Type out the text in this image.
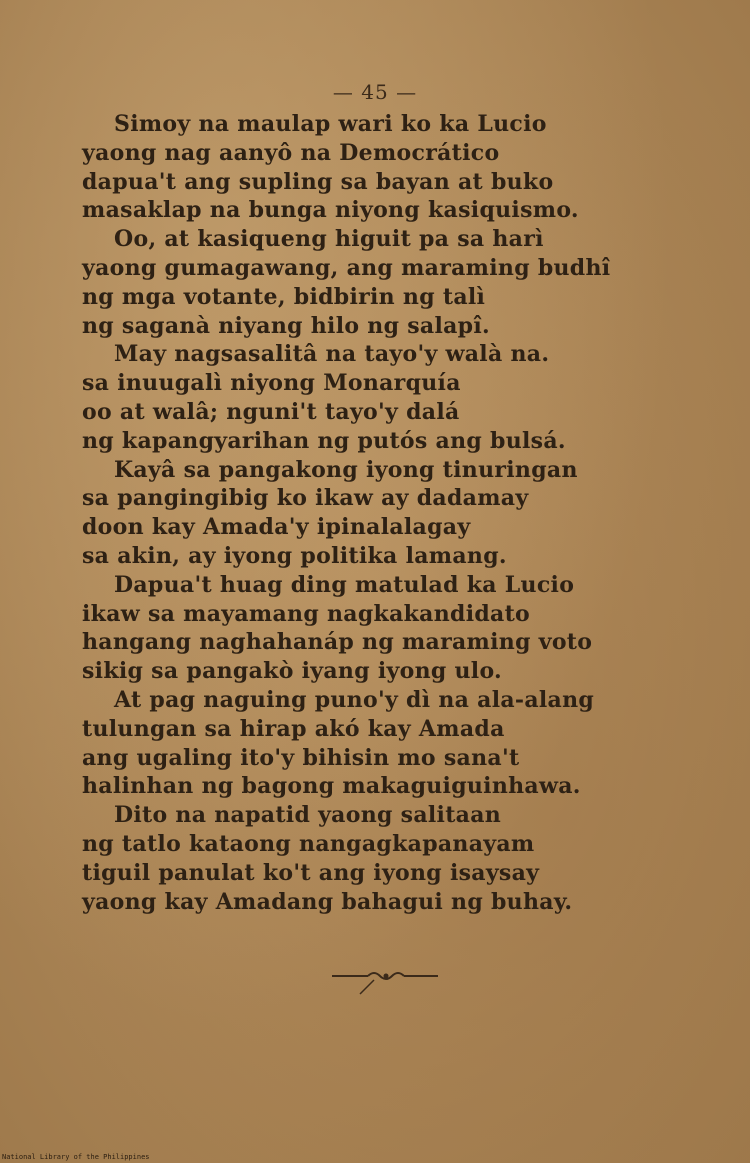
— 45 —
Simoy na maulap wari ko ka Lucio
yaong nag aanyô na Democrático
dapua't ang supling sa bayan at buko
masaklap na bunga niyong kasiquismo.
Oo, at kasiqueng higuit pa sa harì
yaong gumagawang, ang maraming budhî
ng mga votante, bidbirin ng talì
ng saganà niyang hilo ng salapî.
May nagsasalitâ na tayo'y walà na.
sa inuugalì niyong Monarquía
oo at walâ; nguni't tayo'y dalá
ng kapangyarihan ng putós ang bulsá.
Kayâ sa pangakong iyong tinuringan
sa pangingibig ko ikaw ay dadamay
doon kay Amada'y ipinalalagay
sa akin, ay iyong politika lamang.
Dapua't huag ding matulad ka Lucio
ikaw sa mayamang nagkakandidato
hangang naghahanáp ng maraming voto
sikig sa pangakò iyang iyong ulo.
At pag naguing puno'y dì na ala-alang
tulungan sa hirap akó kay Amada
ang ugaling ito'y bihisin mo sana't
halinhan ng bagong makaguiguinhawa.
Dito na napatid yaong salitaan
ng tatlo kataong nangagkapanayam
tiguil panulat ko't ang iyong isaysay
yaong kay Amadang bahagui ng buhay.
National Library of the Philippines
